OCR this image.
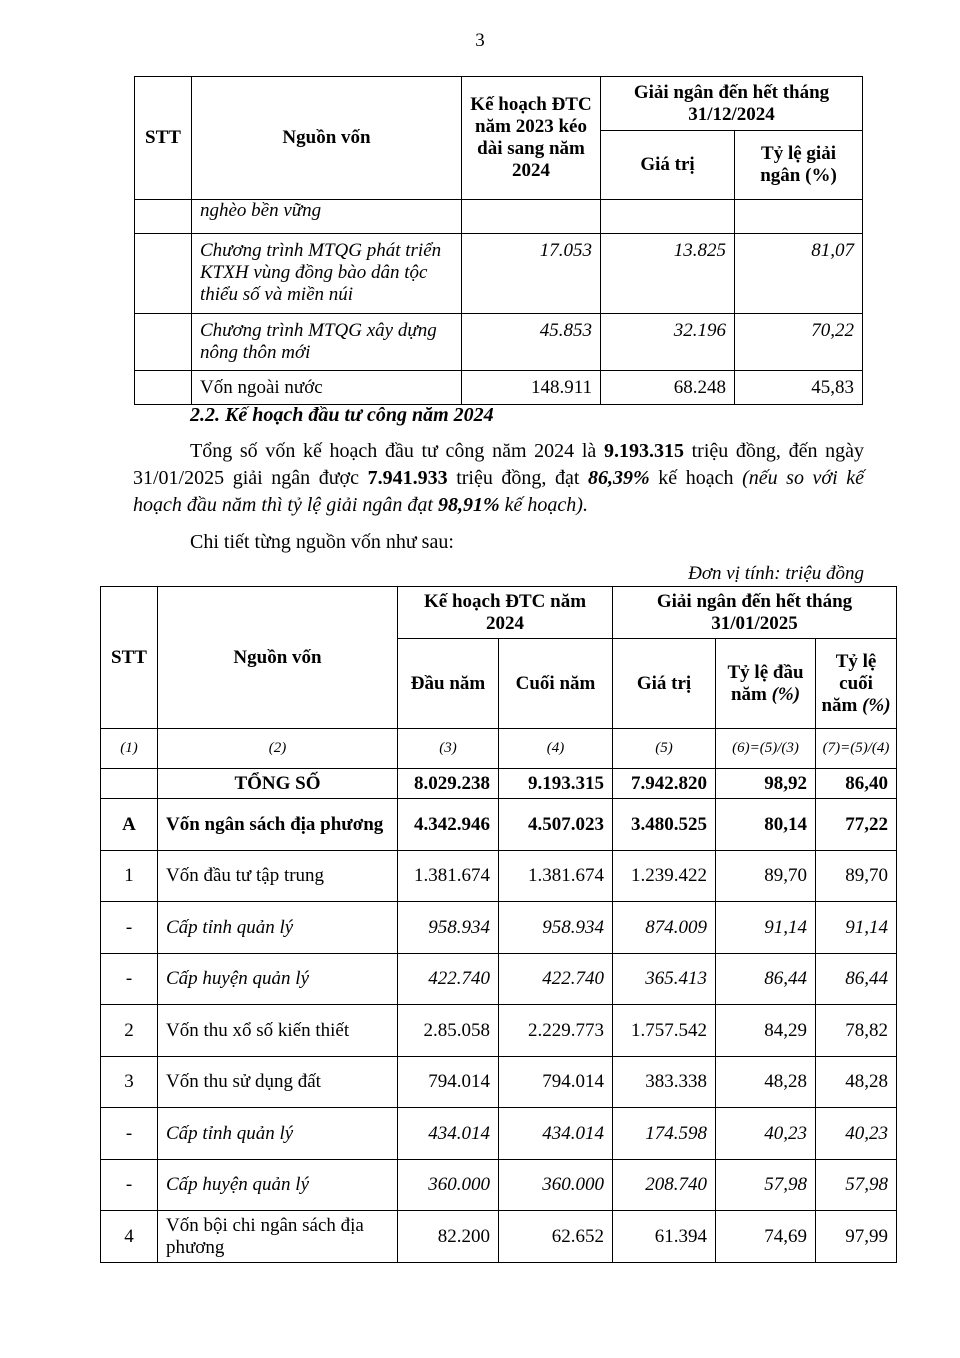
3
STT	Nguồn vốn	Kế hoạch ĐTC năm 2023 kéo dài sang năm 2024	Giải ngân đến hết tháng 31/12/2024	
			Giá trị	Tỷ lệ giải ngân (%)
	nghèo bền vững			

	Chương trình MTQG phát triển KTXH vùng đồng bào dân tộc thiểu số và miền núi	17.053	13.825	81,07

	Chương trình MTQG xây dựng nông thôn mới	45.853	32.196	70,22
	Vốn ngoài nước	148.911	68.248	45,83
2.2. Kế hoạch đầu tư công năm 2024
Tổng số vốn kế hoạch đầu tư công năm 2024 là 9.193.315 triệu đồng, đến ngày 31/01/2025 giải ngân được 7.941.933 triệu đồng, đạt 86,39% kế hoạch (nếu so với kế hoạch đầu năm thì tỷ lệ giải ngân đạt 98,91% kế hoạch).
Chi tiết từng nguồn vốn như sau:
Đơn vị tính: triệu đồng
STT	Nguồn vốn	Kế hoạch ĐTC năm 2024		Giải ngân đến hết tháng 31/01/2025		
		Đầu năm	Cuối năm	Giá trị	Tỷ lệ đầu năm (%)	Tỷ lệ cuối năm (%)
(1)	(2)	(3)	(4)	(5)	(6)=(5)/(3)	(7)=(5)/(4)
	TỔNG SỐ	8.029.238	9.193.315	7.942.820	98,92	86,40
A	Vốn ngân sách địa phương	4.342.946	4.507.023	3.480.525	80,14	77,22
1	Vốn đầu tư tập trung	1.381.674	1.381.674	1.239.422	89,70	89,70
-	Cấp tỉnh quản lý	958.934	958.934	874.009	91,14	91,14
-	Cấp huyện quản lý	422.740	422.740	365.413	86,44	86,44
2	Vốn thu xổ số kiến thiết	2.85.058	2.229.773	1.757.542	84,29	78,82
3	Vốn thu sử dụng đất	794.014	794.014	383.338	48,28	48,28
-	Cấp tỉnh quản lý	434.014	434.014	174.598	40,23	40,23
-	Cấp huyện quản lý	360.000	360.000	208.740	57,98	57,98
4	Vốn bội chi ngân sách địa phương	82.200	62.652	61.394	74,69	97,99
